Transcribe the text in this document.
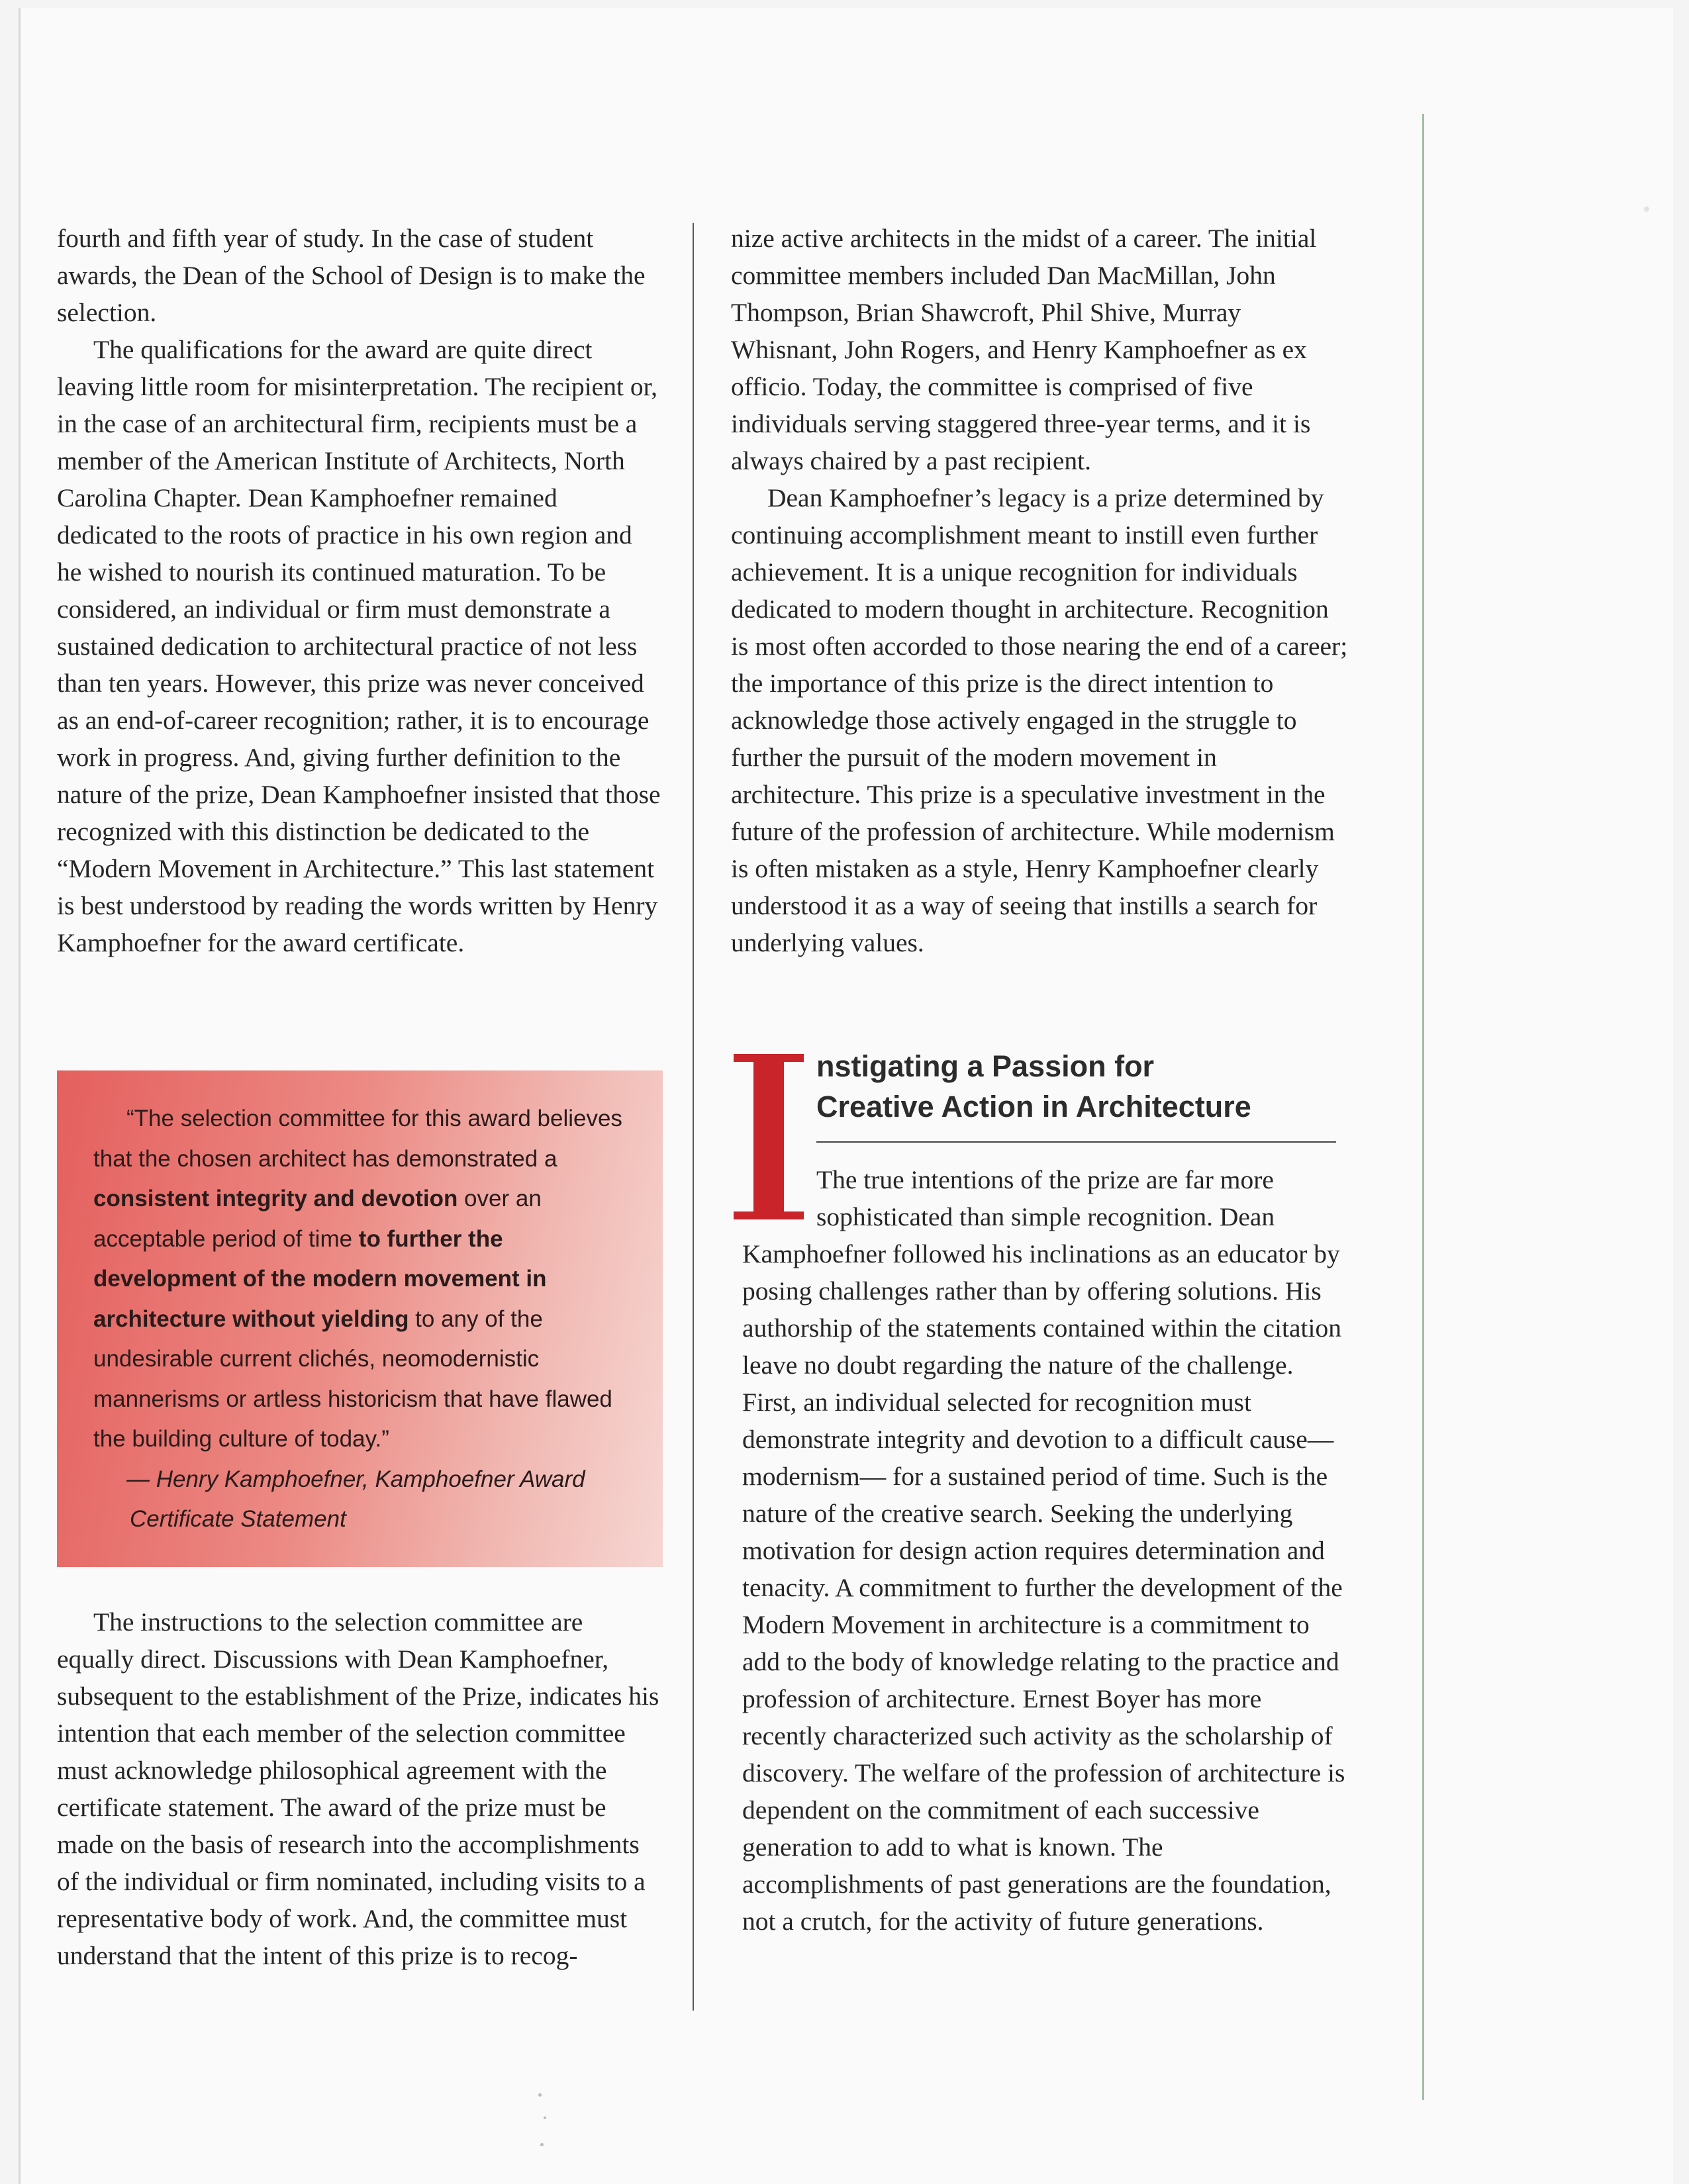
fourth and fifth year of study. In the case of student awards, the Dean of the School of Design is to make the selection.

The qualifications for the award are quite direct leaving little room for misinterpretation. The recipient or, in the case of an architectural firm, recipients must be a member of the American Institute of Architects, North Carolina Chapter. Dean Kamphoefner remained dedicated to the roots of practice in his own region and he wished to nourish its continued maturation. To be considered, an individual or firm must demonstrate a sustained dedication to architectural practice of not less than ten years. However, this prize was never conceived as an end-of-career recognition; rather, it is to encourage work in progress. And, giving further definition to the nature of the prize, Dean Kamphoefner insisted that those recognized with this distinction be dedicated to the “Modern Movement in Architecture.” This last statement is best understood by reading the words written by Henry Kamphoefner for the award certificate.

“The selection committee for this award believes that the chosen architect has demonstrated a consistent integrity and devotion over an acceptable period of time to further the development of the modern movement in architecture without yielding to any of the undesirable current clichés, neomodernistic mannerisms or artless historicism that have flawed the building culture of today.”

— Henry Kamphoefner, Kamphoefner Award

Certificate Statement

The instructions to the selection committee are equally direct. Discussions with Dean Kamphoefner, subsequent to the establishment of the Prize, indicates his intention that each member of the selection committee must acknowledge philosophical agreement with the certificate statement. The award of the prize must be made on the basis of research into the accomplishments of the individual or firm nominated, including visits to a representative body of work. And, the committee must understand that the intent of this prize is to recog-

nize active architects in the midst of a career. The initial committee members included Dan MacMillan, John Thompson, Brian Shawcroft, Phil Shive, Murray Whisnant, John Rogers, and Henry Kamphoefner as ex officio. Today, the committee is comprised of five individuals serving staggered three-year terms, and it is always chaired by a past recipient.

Dean Kamphoefner’s legacy is a prize determined by continuing accomplishment meant to instill even further achievement. It is a unique recognition for individuals dedicated to modern thought in architecture. Recognition is most often accorded to those nearing the end of a career; the importance of this prize is the direct intention to acknowledge those actively engaged in the struggle to further the pursuit of the modern movement in architecture. This prize is a speculative investment in the future of the profession of architecture. While modernism is often mistaken as a style, Henry Kamphoefner clearly understood it as a way of seeing that instills a search for underlying values.

nstigating a Passion for
Creative Action in Architecture
The true intentions of the prize are far more
sophisticated than simple recognition. Dean

Kamphoefner followed his inclinations as an educator by posing challenges rather than by offering solutions. His authorship of the statements contained within the citation leave no doubt regarding the nature of the challenge. First, an individual selected for recognition must demonstrate integrity and devotion to a difficult cause— modernism— for a sustained period of time. Such is the nature of the creative search. Seeking the underlying motivation for design action requires determination and tenacity. A commitment to further the development of the Modern Movement in architecture is a commitment to add to the body of knowledge relating to the practice and profession of architecture. Ernest Boyer has more recently characterized such activity as the scholarship of discovery. The welfare of the profession of architecture is dependent on the commitment of each successive generation to add to what is known. The accomplishments of past generations are the foundation, not a crutch, for the activity of future generations.
